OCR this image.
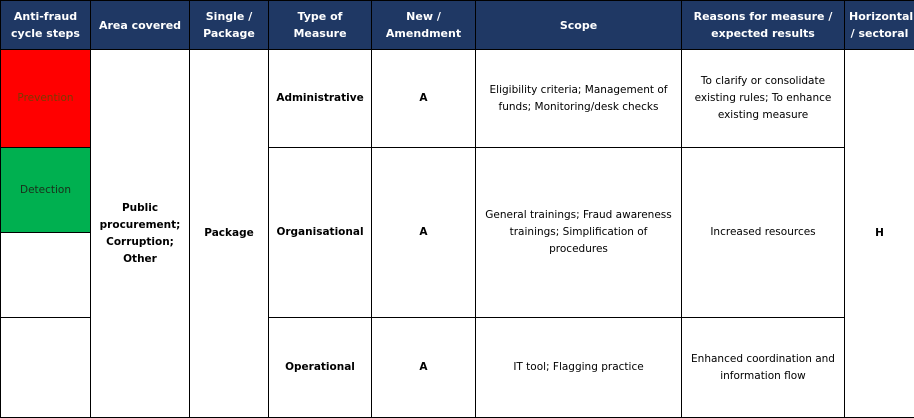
Anti-fraud cycle steps	Area covered	Single / Package	Type of Measure	New / Amendment	Scope	Reasons for measure / expected results	Horizontal / sectoral
Prevention	Public procurement; Corruption; Other	Package	Administrative	A	Eligibility criteria; Management of funds; Monitoring/desk checks	To clarify or consolidate existing rules; To enhance existing measure	H
Detection			Organisational	A	General trainings; Fraud awareness trainings; Simplification of procedures	Increased resources	

			Operational	A	IT tool; Flagging practice	Enhanced coordination and information flow	
